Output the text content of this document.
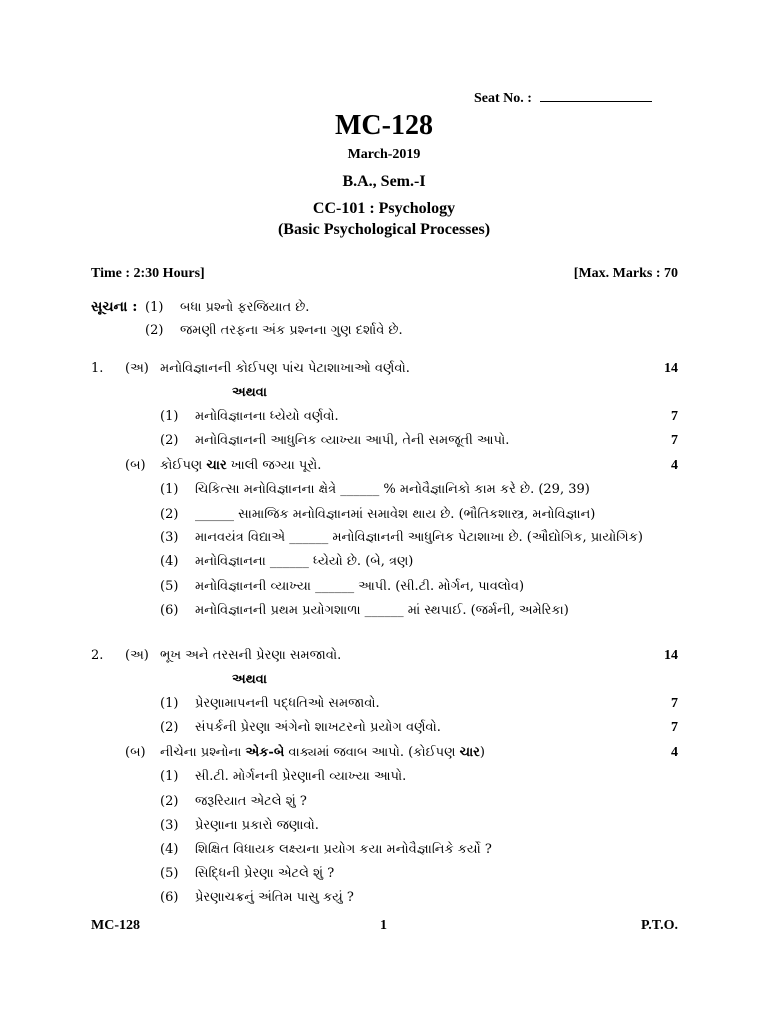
Seat No. :
MC-128
March-2019
B.A., Sem.-I
CC-101 : Psychology
(Basic Psychological Processes)
Time : 2:30 Hours]	[Max. Marks : 70
સૂચના : (1) બધા પ્રશ્નો ફરજિયાત છે.
(2) જમણી તરફના અંક પ્રશ્નના ગુણ દર્શાવે છે.
1. (અ) મનોવિજ્ઞાનની કોઈપણ પાંચ પેટાશાખાઓ વર્ણવો.	14
અથવા
(1) મનોવિજ્ઞાનના ધ્યેયો વર્ણવો.	7
(2) મનોવિજ્ઞાનની આધુનિક વ્યાખ્યા આપી, તેની સમજૂતી આપો.	7
(બ) કોઈપણ ચાર ખાલી જગ્યા પૂરો.	4
(1) ચિકિત્સા મનોવિજ્ઞાનના ક્ષેત્રે ______ % મનોવૈજ્ઞાનિકો કામ કરે છે. (29, 39)
(2) ______ સામાજિક મનોવિજ્ઞાનમાં સમાવેશ થાય છે. (ભૌતિકશાસ્ત્ર, મનોવિજ્ઞાન)
(3) માનવયંત્ર વિદ્યાએ ______ મનોવિજ્ઞાનની આધુનિક પેટાશાખા છે. (ઔદ્યોગિક, પ્રાયોગિક)
(4) મનોવિજ્ઞાનના ______ ધ્યેયો છે. (બે, ત્રણ)
(5) મનોવિજ્ઞાનની વ્યાખ્યા ______ આપી. (સી.ટી. મોર્ગન, પાવલોવ)
(6) મનોવિજ્ઞાનની પ્રથમ પ્રયોગશાળા ______ માં સ્થપાઈ. (જર્મની, અમેરિકા)
2. (અ) ભૂખ અને તરસની પ્રેરણા સમજાવો.	14
અથવા
(1) પ્રેરણામાપનની પદ્ધતિઓ સમજાવો.	7
(2) સંપર્કની પ્રેરણા અંગેનો શાખટરનો પ્રયોગ વર્ણવો.	7
(બ) નીચેના પ્રશ્નોના એક-બે વાક્યમાં જવાબ આપો. (કોઈપણ ચાર)	4
(1) સી.ટી. મોર્ગનની પ્રેરણાની વ્યાખ્યા આપો.
(2) જરૂરિયાત એટલે શું ?
(3) પ્રેરણાના પ્રકારો જણાવો.
(4) શિક્ષિત વિધાયક લક્ષ્યના પ્રયોગ કયા મનોવૈજ્ઞાનિકે કર્યો ?
(5) સિદ્ધિની પ્રેરણા એટલે શું ?
(6) પ્રેરણાચક્રનું અંતિમ પાસુ કયું ?
MC-128	1	P.T.O.
